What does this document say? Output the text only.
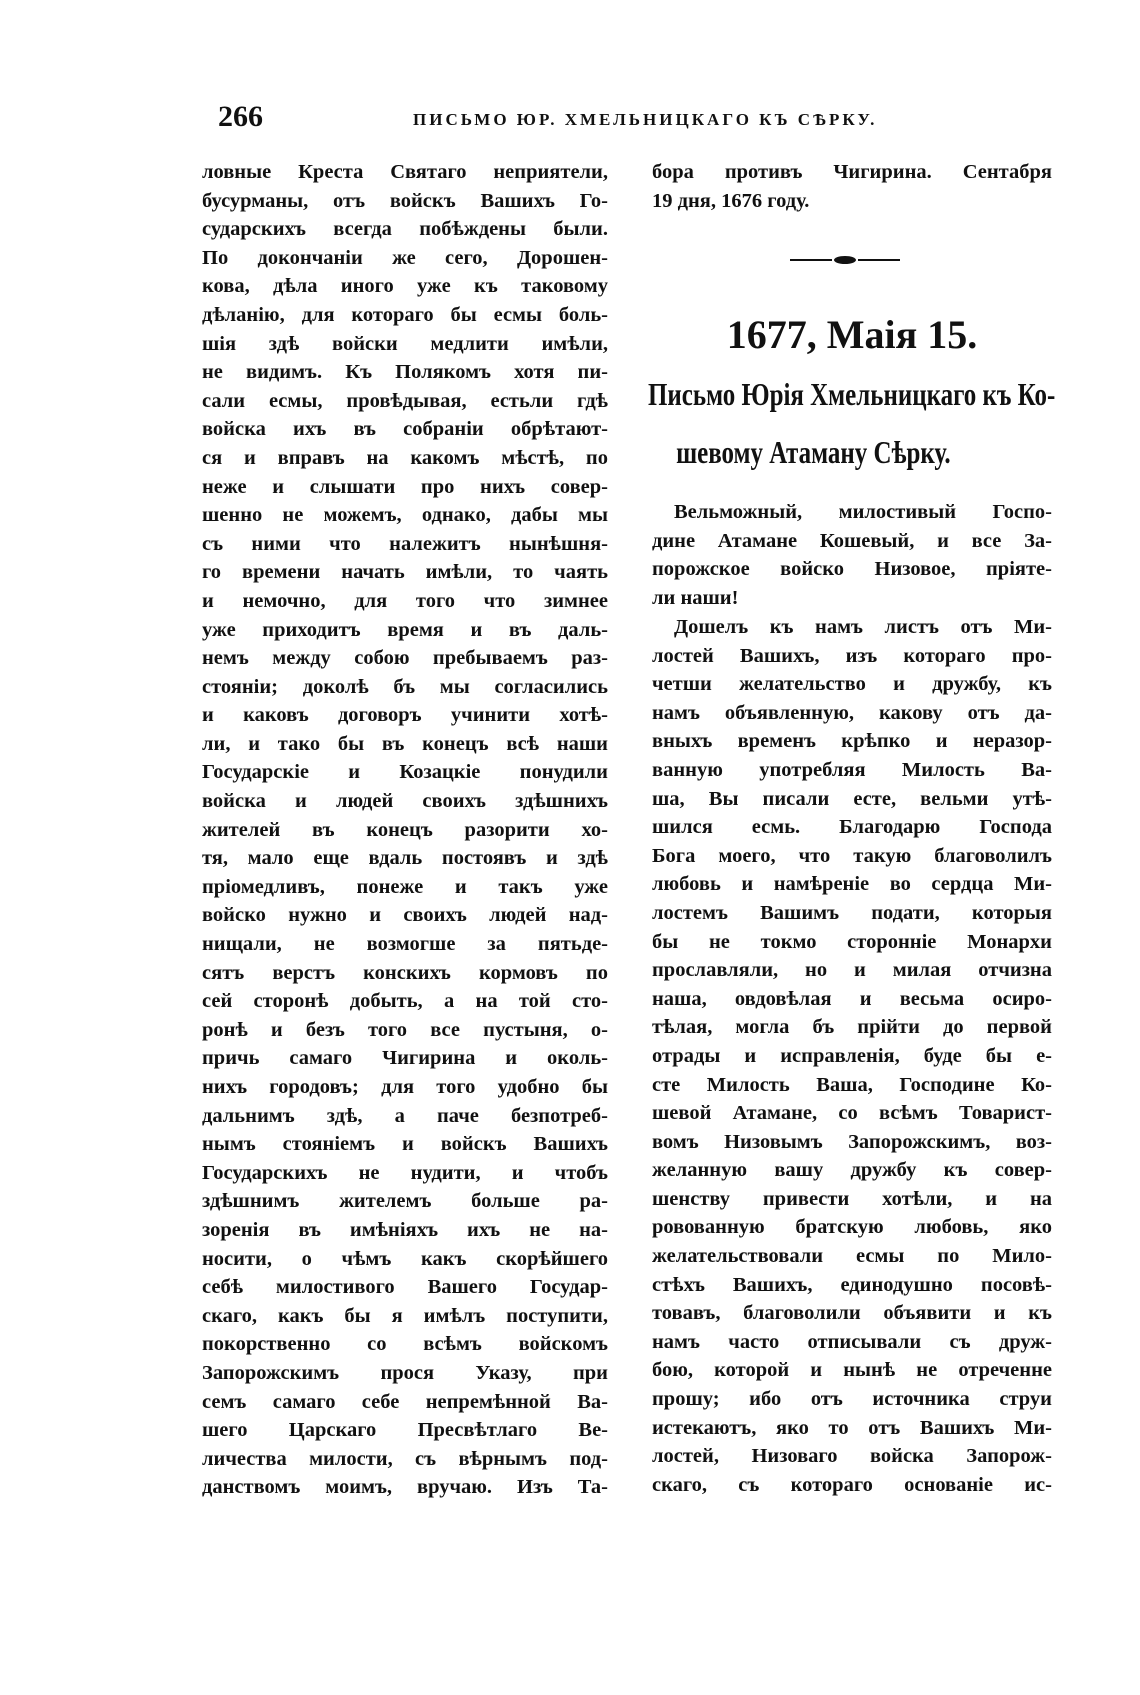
266	ПИСЬМО ЮР. ХМЕЛЬНИЦКАГО КЪ СѢРКУ.
ловные Креста Святаго неприятели,
бусурманы, отъ войскъ Вашихъ Го-
сударскихъ всегда побѣждены были.
По докончаніи же сего, Дорошен-
кова, дѣла иного уже къ таковому
дѣланію, для котораго бы есмы боль-
шія здѣ войски медлити имѣли,
не видимъ. Къ Полякомъ хотя пи-
сали есмы, провѣдывая, естьли гдѣ
войска ихъ въ собраніи обрѣтают-
ся и вправъ на какомъ мѣстѣ, по
неже и слышати про нихъ совер-
шенно не можемъ, однако, дабы мы
съ ними что належитъ нынѣшня-
го времени начать имѣли, то чаять
и немочно, для того что зимнее
уже приходитъ время и въ даль-
немъ между собою пребываемъ раз-
стояніи; доколѣ бъ мы согласились
и каковъ договоръ учинити хотѣ-
ли, и тако бы въ конецъ всѣ наши
Государскіе и Козацкіе понудили
войска и людей своихъ здѣшнихъ
жителей въ конецъ разорити хо-
тя, мало еще вдаль постоявъ и здѣ
пріомедливъ, понеже и такъ уже
войско нужно и своихъ людей над-
нищали, не возмогше за пятьде-
сятъ верстъ конскихъ кормовъ по
сей сторонѣ добыть, а на той сто-
ронѣ и безъ того все пустыня, о-
причь самаго Чигирина и околь-
нихъ городовъ; для того удобно бы
дальнимъ здѣ, а паче безпотреб-
нымъ стояніемъ и войскъ Вашихъ
Государскихъ не нудити, и чтобъ
здѣшнимъ жителемъ больше ра-
зоренія въ имѣніяхъ ихъ не на-
носити, о чѣмъ какъ скорѣйшего
себѣ милостивого Вашего Государ-
скаго, какъ бы я имѣлъ поступити,
покорственно со всѣмъ войскомъ
Запорожскимъ прося Указу, при
семъ самаго себе непремѣнной Ва-
шего Царскаго Пресвѣтлаго Ве-
личества милости, съ вѣрнымъ под-
данствомъ моимъ, вручаю. Изъ Та-
бора противъ Чигирина. Сентабря
19 дня, 1676 году.
1677, Маія 15.
Письмо Юрія Хмельницкаго къ Ко-
шевому Атаману Сѣрку.
Вельможный, милостивый Госпо-
дине Атамане Кошевый, и все За-
порожское войско Низовое, пріяте-
ли наши!
Дошелъ къ намъ листъ отъ Ми-
лостей Вашихъ, изъ котораго про-
четши желательство и дружбу, къ
намъ объявленную, какову отъ да-
вныхъ временъ крѣпко и неразор-
ванную употребляя Милость Ва-
ша, Вы писали есте, вельми утѣ-
шился есмь. Благодарю Господа
Бога моего, что такую благоволилъ
любовь и намѣреніе во сердца Ми-
лостемъ Вашимъ подати, которыя
бы не токмо сторонніе Монархи
прославляли, но и милая отчизна
наша, овдовѣлая и весьма осиро-
тѣлая, могла бъ прійти до первой
отрады и исправленія, буде бы е-
сте Милость Ваша, Господине Ко-
шевой Атамане, со всѣмъ Товарист-
вомъ Низовымъ Запорожскимъ, воз-
желанную вашу дружбу къ совер-
шенству привести хотѣли, и на
ровованную братскую любовь, яко
желательствовали есмы по Мило-
стѣхъ Вашихъ, единодушно посовѣ-
товавъ, благоволили объявити и къ
намъ часто отписывали съ друж-
бою, которой и нынѣ не отреченне
прошу; ибо отъ источника струи
истекаютъ, яко то отъ Вашихъ Ми-
лостей, Низоваго войска Запорож-
скаго, съ котораго основаніе ис-
